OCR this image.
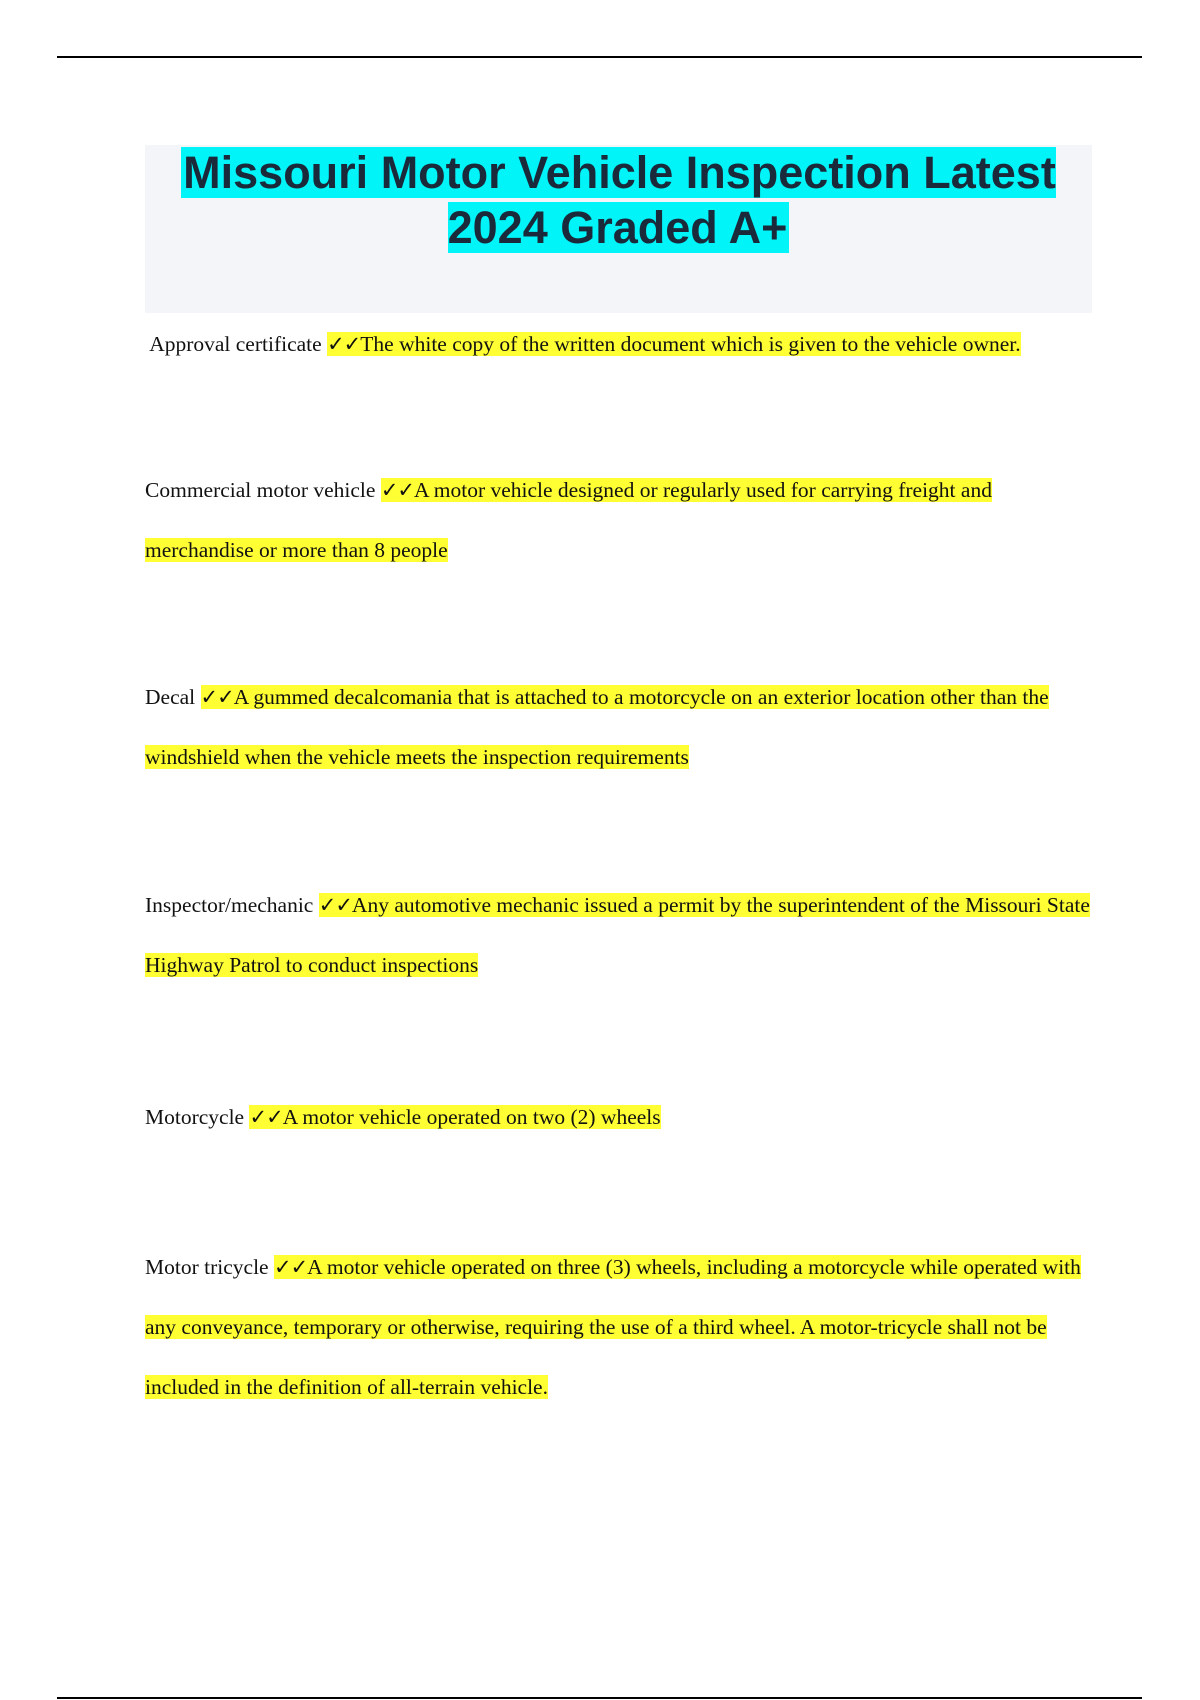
Missouri Motor Vehicle Inspection Latest 2024 Graded A+

Approval certificate ✓✓The white copy of the written document which is given to the vehicle owner.

Commercial motor vehicle ✓✓A motor vehicle designed or regularly used for carrying freight and merchandise or more than 8 people

Decal ✓✓A gummed decalcomania that is attached to a motorcycle on an exterior location other than the windshield when the vehicle meets the inspection requirements

Inspector/mechanic ✓✓Any automotive mechanic issued a permit by the superintendent of the Missouri State Highway Patrol to conduct inspections

Motorcycle ✓✓A motor vehicle operated on two (2) wheels

Motor tricycle ✓✓A motor vehicle operated on three (3) wheels, including a motorcycle while operated with any conveyance, temporary or otherwise, requiring the use of a third wheel. A motor-tricycle shall not be included in the definition of all-terrain vehicle.
